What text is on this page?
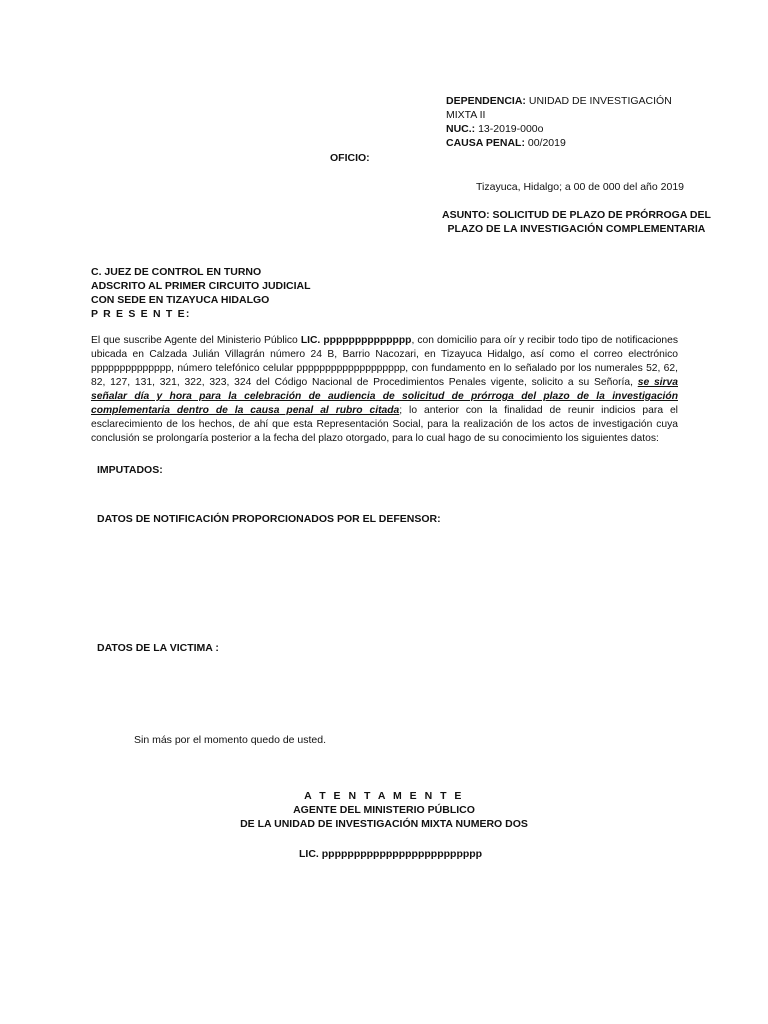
DEPENDENCIA: UNIDAD DE INVESTIGACIÓN
MIXTA II
NUC.: 13-2019-000o
CAUSA PENAL: 00/2019
OFICIO:
Tizayuca, Hidalgo; a 00 de 000 del año 2019
ASUNTO: SOLICITUD DE PLAZO DE PRÓRROGA DEL
PLAZO DE LA INVESTIGACIÓN COMPLEMENTARIA
C. JUEZ DE CONTROL EN TURNO
ADSCRITO AL PRIMER CIRCUITO JUDICIAL
CON SEDE EN TIZAYUCA HIDALGO
P R E S E N T E:
El que suscribe Agente del Ministerio Público LIC. pppppppppppppp, con domicilio para oír y recibir todo tipo de notificaciones ubicada en Calzada Julián Villagrán número 24 B, Barrio Nacozari, en Tizayuca Hidalgo, así como el correo electrónico pppppppppppppp, número telefónico celular ppppppppppppppppppp, con fundamento en lo señalado por los numerales 52, 62, 82, 127, 131, 321, 322, 323, 324 del Código Nacional de Procedimientos Penales vigente, solicito a su Señoría, se sirva señalar día y hora para la celebración de audiencia de solicitud de prórroga del plazo de la investigación complementaria dentro de la causa penal al rubro citada; lo anterior con la finalidad de reunir indicios para el esclarecimiento de los hechos, de ahí que esta Representación Social, para la realización de los actos de investigación cuya conclusión se prolongaría posterior a la fecha del plazo otorgado, para lo cual hago de su conocimiento los siguientes datos:
IMPUTADOS:
DATOS DE NOTIFICACIÓN PROPORCIONADOS POR EL DEFENSOR:
DATOS DE LA VICTIMA :
Sin más por el momento quedo de usted.
A T E N T A M E N T E
AGENTE DEL MINISTERIO PÚBLICO
DE LA UNIDAD DE INVESTIGACIÓN MIXTA NUMERO DOS
LIC. ppppppppppppppppppppppppp
